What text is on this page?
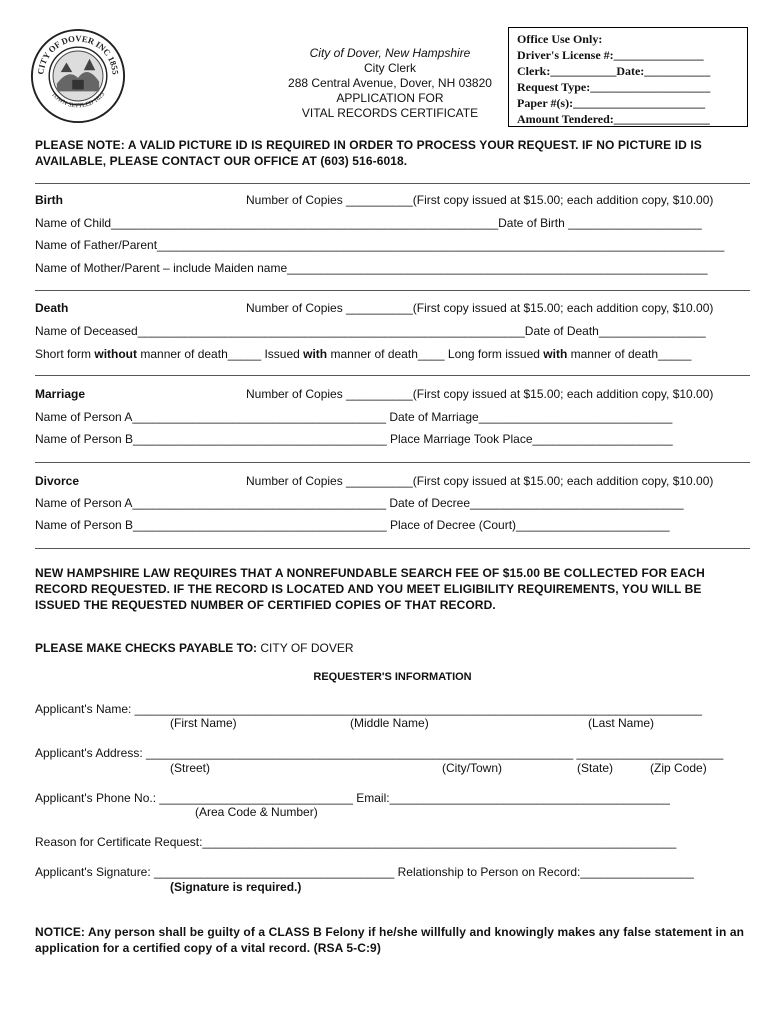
CITY OF DOVER INC 1855
TOWN SETTLED 1623
City of Dover, New Hampshire
City Clerk
288 Central Avenue, Dover, NH 03820
APPLICATION FOR
VITAL RECORDS CERTIFICATE
Office Use Only:
Driver's License #:_______________
Clerk:___________Date:___________
Request Type:____________________
Paper #(s):______________________
Amount Tendered:________________
PLEASE NOTE: A VALID PICTURE ID IS REQUIRED IN ORDER TO PROCESS YOUR REQUEST. IF NO PICTURE ID IS AVAILABLE, PLEASE CONTACT OUR OFFICE AT (603) 516-6018.
Birth	Number of Copies __________(First copy issued at $15.00; each addition copy, $10.00)
Name of Child__________________________________________________________Date of Birth ____________________
Name of Father/Parent_____________________________________________________________________________________
Name of Mother/Parent – include Maiden name_______________________________________________________________
Death	Number of Copies __________(First copy issued at $15.00; each addition copy, $10.00)
Name of Deceased__________________________________________________________Date of Death________________
Short form without manner of death_____ Issued with manner of death____ Long form issued with manner of death_____
Marriage	Number of Copies __________(First copy issued at $15.00; each addition copy, $10.00)
Name of Person A______________________________________ Date of Marriage_____________________________
Name of Person B______________________________________ Place Marriage Took Place_____________________
Divorce	Number of Copies __________(First copy issued at $15.00; each addition copy, $10.00)
Name of Person A______________________________________ Date of Decree________________________________
Name of Person B______________________________________ Place of Decree (Court)_______________________
NEW HAMPSHIRE LAW REQUIRES THAT A NONREFUNDABLE SEARCH FEE OF $15.00 BE COLLECTED FOR EACH RECORD REQUESTED. IF THE RECORD IS LOCATED AND YOU MEET ELIGIBILITY REQUIREMENTS, YOU WILL BE ISSUED THE REQUESTED NUMBER OF CERTIFIED COPIES OF THAT RECORD.
PLEASE MAKE CHECKS PAYABLE TO: CITY OF DOVER
REQUESTER'S INFORMATION
Applicant's Name: _____________________________________________________________________________________
(First Name)	(Middle Name)	(Last Name)
Applicant's Address: ________________________________________________________________ ______________________
(Street)	(City/Town)	(State)	(Zip Code)
Applicant's Phone No.: _____________________________ Email:__________________________________________
(Area Code & Number)
Reason for Certificate Request:_______________________________________________________________________
Applicant's Signature: ____________________________________ Relationship to Person on Record:_________________
(Signature is required.)
NOTICE: Any person shall be guilty of a CLASS B Felony if he/she willfully and knowingly makes any false statement in an application for a certified copy of a vital record. (RSA 5-C:9)
